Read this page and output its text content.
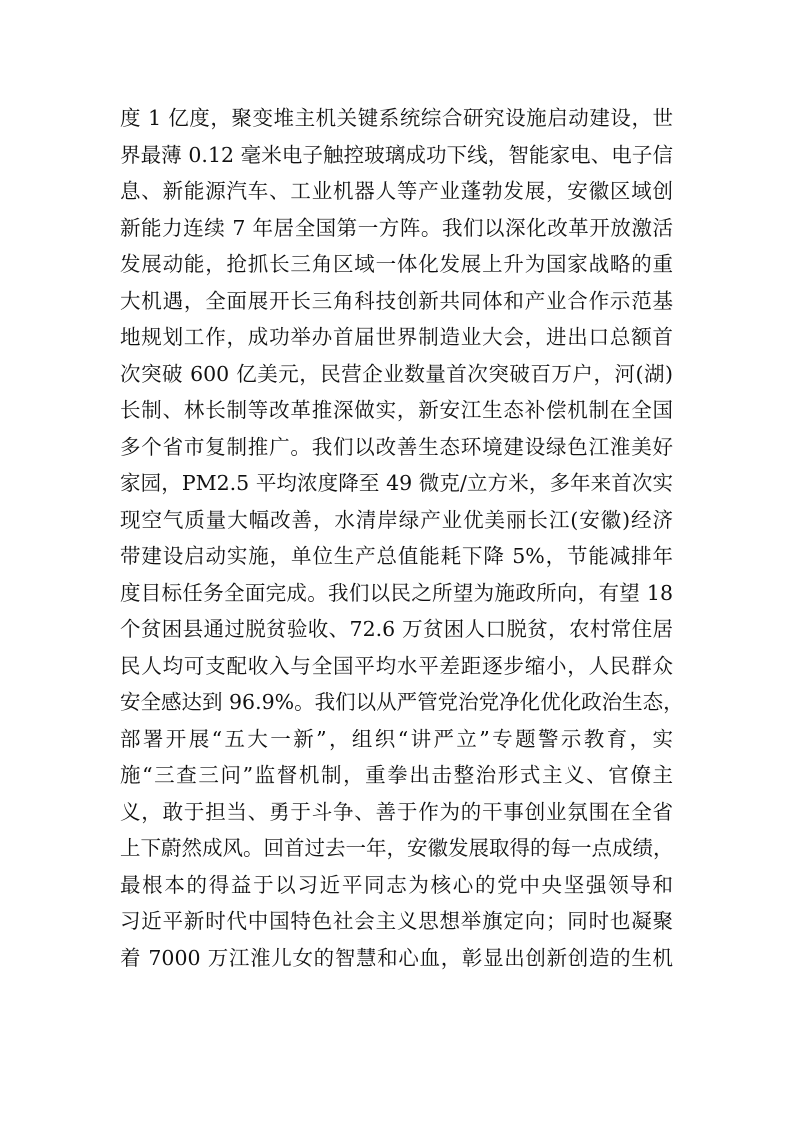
度 1 亿度，聚变堆主机关键系统综合研究设施启动建设，世
界最薄 0.12 毫米电子触控玻璃成功下线，智能家电、电子信
息、新能源汽车、工业机器人等产业蓬勃发展，安徽区域创
新能力连续 7 年居全国第一方阵。我们以深化改革开放激活
发展动能，抢抓长三角区域一体化发展上升为国家战略的重
大机遇，全面展开长三角科技创新共同体和产业合作示范基
地规划工作，成功举办首届世界制造业大会，进出口总额首
次突破 600 亿美元，民营企业数量首次突破百万户，河(湖)
长制、林长制等改革推深做实，新安江生态补偿机制在全国
多个省市复制推广。我们以改善生态环境建设绿色江淮美好
家园，PM2.5 平均浓度降至 49 微克/立方米，多年来首次实
现空气质量大幅改善，水清岸绿产业优美丽长江(安徽)经济
带建设启动实施，单位生产总值能耗下降 5%，节能减排年
度目标任务全面完成。我们以民之所望为施政所向，有望 18
个贫困县通过脱贫验收、72.6 万贫困人口脱贫，农村常住居
民人均可支配收入与全国平均水平差距逐步缩小，人民群众
安全感达到 96.9%。我们以从严管党治党净化优化政治生态，
部署开展“五大一新”，组织“讲严立”专题警示教育，实
施“三查三问”监督机制，重拳出击整治形式主义、官僚主
义，敢于担当、勇于斗争、善于作为的干事创业氛围在全省
上下蔚然成风。回首过去一年，安徽发展取得的每一点成绩，
最根本的得益于以习近平同志为核心的党中央坚强领导和
习近平新时代中国特色社会主义思想举旗定向；同时也凝聚
着 7000 万江淮儿女的智慧和心血，彰显出创新创造的生机
